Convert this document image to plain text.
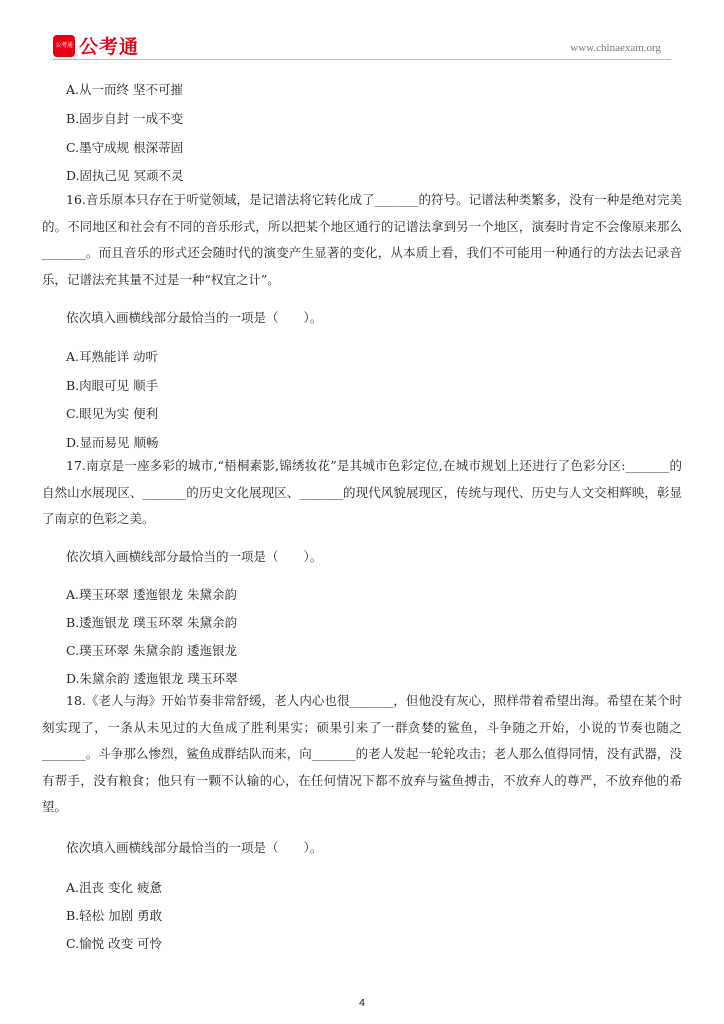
公考通 公考通	www.chinaexam.org
A.从一而终 坚不可摧
B.固步自封 一成不变
C.墨守成规 根深蒂固
D.固执己见 冥顽不灵
16.音乐原本只存在于听觉领域，是记谱法将它转化成了_______的符号。记谱法种类繁多，没有一种是绝对完美的。不同地区和社会有不同的音乐形式，所以把某个地区通行的记谱法拿到另一个地区，演奏时肯定不会像原来那么_______。而且音乐的形式还会随时代的演变产生显著的变化，从本质上看，我们不可能用一种通行的方法去记录音乐，记谱法充其量不过是一种“权宜之计”。
依次填入画横线部分最恰当的一项是（　　）。
A.耳熟能详 动听
B.肉眼可见 顺手
C.眼见为实 便利
D.显而易见 顺畅
17.南京是一座多彩的城市,“梧桐素影,锦绣妆花”是其城市色彩定位,在城市规划上还进行了色彩分区:_______的自然山水展现区、_______的历史文化展现区、_______的现代风貌展现区，传统与现代、历史与人文交相辉映，彰显了南京的色彩之美。
依次填入画横线部分最恰当的一项是（　　）。
A.璞玉环翠 逶迤银龙 朱黛余韵
B.逶迤银龙 璞玉环翠 朱黛余韵
C.璞玉环翠 朱黛余韵 逶迤银龙
D.朱黛余韵 逶迤银龙 璞玉环翠
18.《老人与海》开始节奏非常舒缓，老人内心也很_______，但他没有灰心，照样带着希望出海。希望在某个时刻实现了，一条从未见过的大鱼成了胜利果实；硕果引来了一群贪婪的鲨鱼，斗争随之开始，小说的节奏也随之_______。斗争那么惨烈，鲨鱼成群结队而来，向_______的老人发起一轮轮攻击；老人那么值得同情，没有武器，没有帮手，没有粮食；他只有一颗不认输的心，在任何情况下都不放弃与鲨鱼搏击，不放弃人的尊严，不放弃他的希望。
依次填入画横线部分最恰当的一项是（　　）。
A.沮丧 变化 疲惫
B.轻松 加剧 勇敢
C.愉悦 改变 可怜
4
